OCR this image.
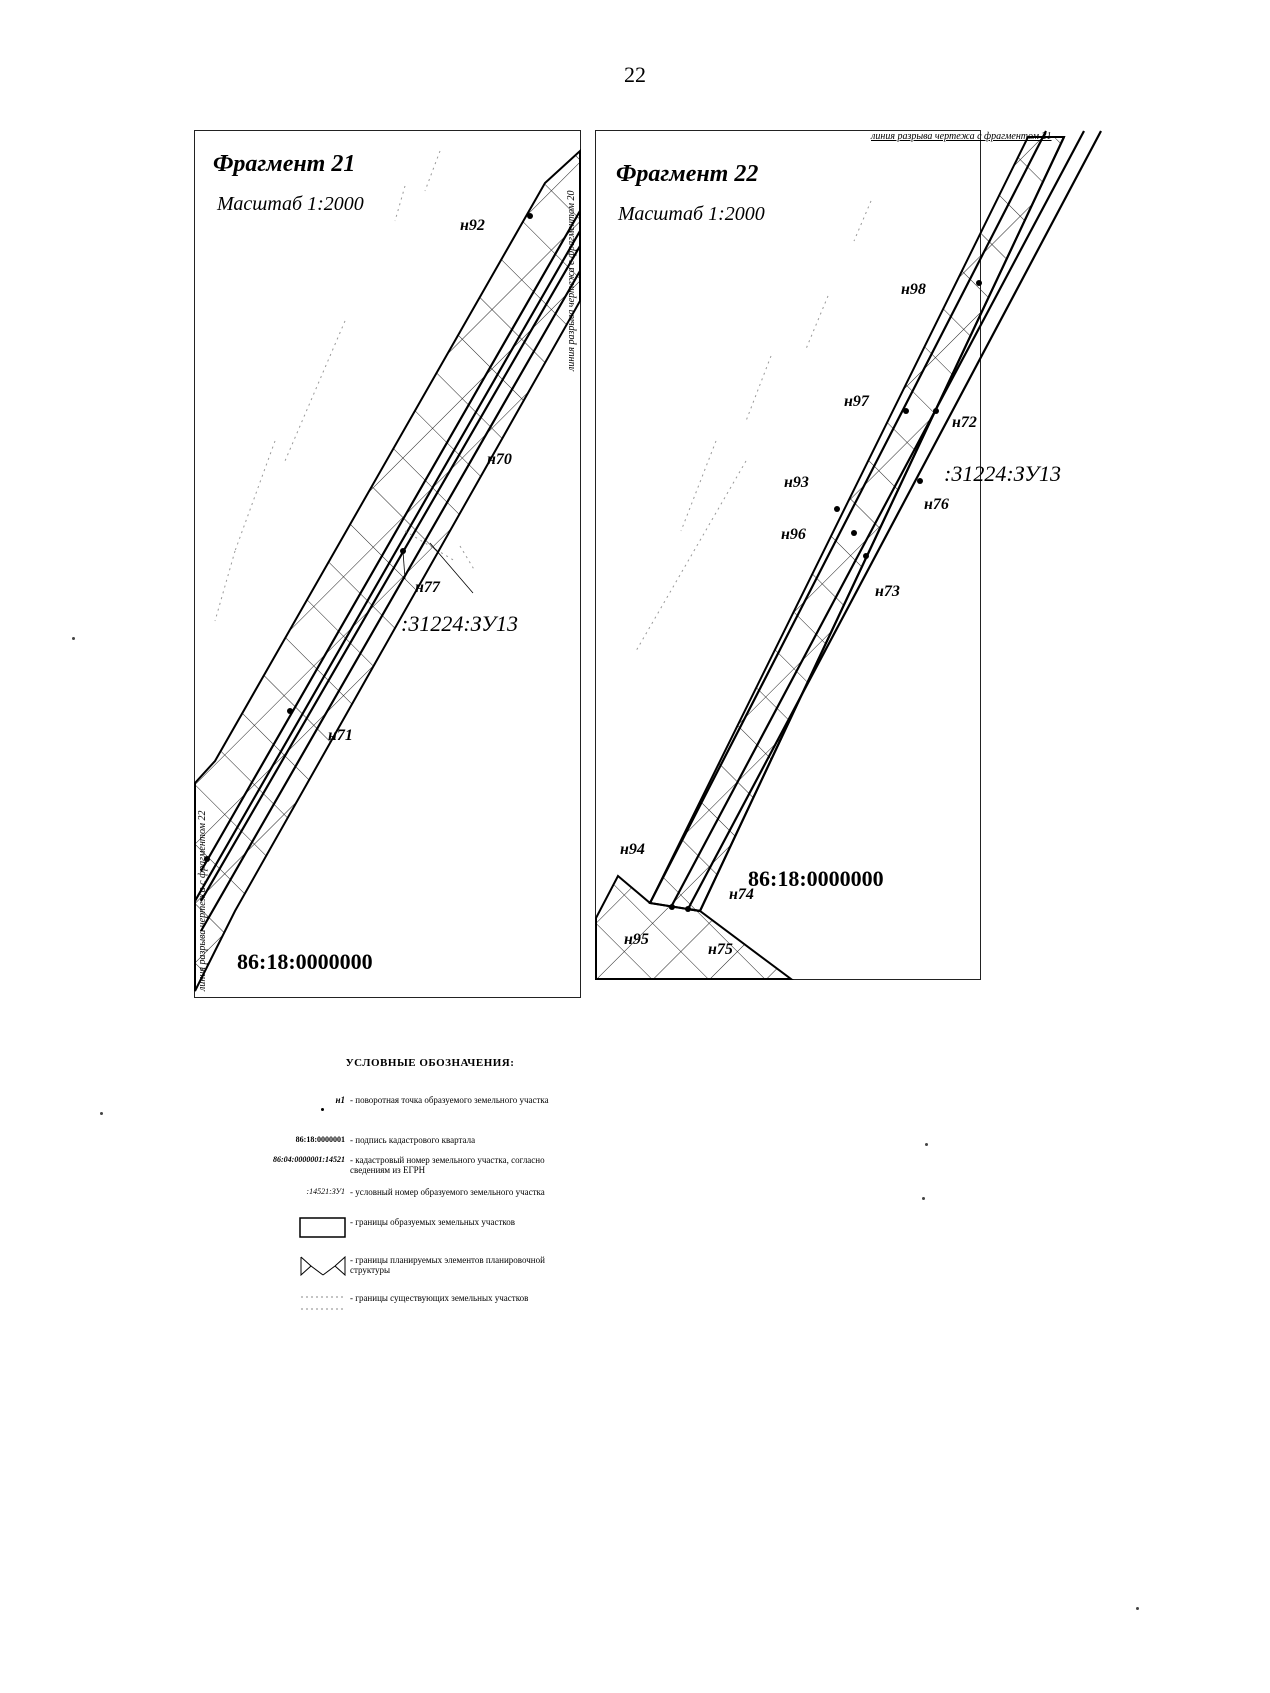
22
Фрагмент 21
Масштаб 1:2000	линия разрыва чертежа с фрагментом 20
линия разрыва чертежа с фрагментом 22
н92
н70
н77
н71
:31224:ЗУ13
86:18:0000000
линия разрыва чертежа с фрагментом 21
Фрагмент 22
Масштаб 1:2000
н98
н97
н72
н93
н76
н96
н73
н94
н74
н95
н75
:31224:ЗУ13
86:18:0000000
УСЛОВНЫЕ ОБОЗНАЧЕНИЯ:
н1 - поворотная точка образуемого земельного участка
86:18:0000001 - подпись кадастрового квартала
86:04:0000001:14521 - кадастровый номер земельного участка, согласно сведениям из ЕГРН
:14521:ЗУ1 - условный номер образуемого земельного участка
- границы образуемых земельных участков
- границы планируемых элементов планировочной структуры
- границы существующих земельных участков
